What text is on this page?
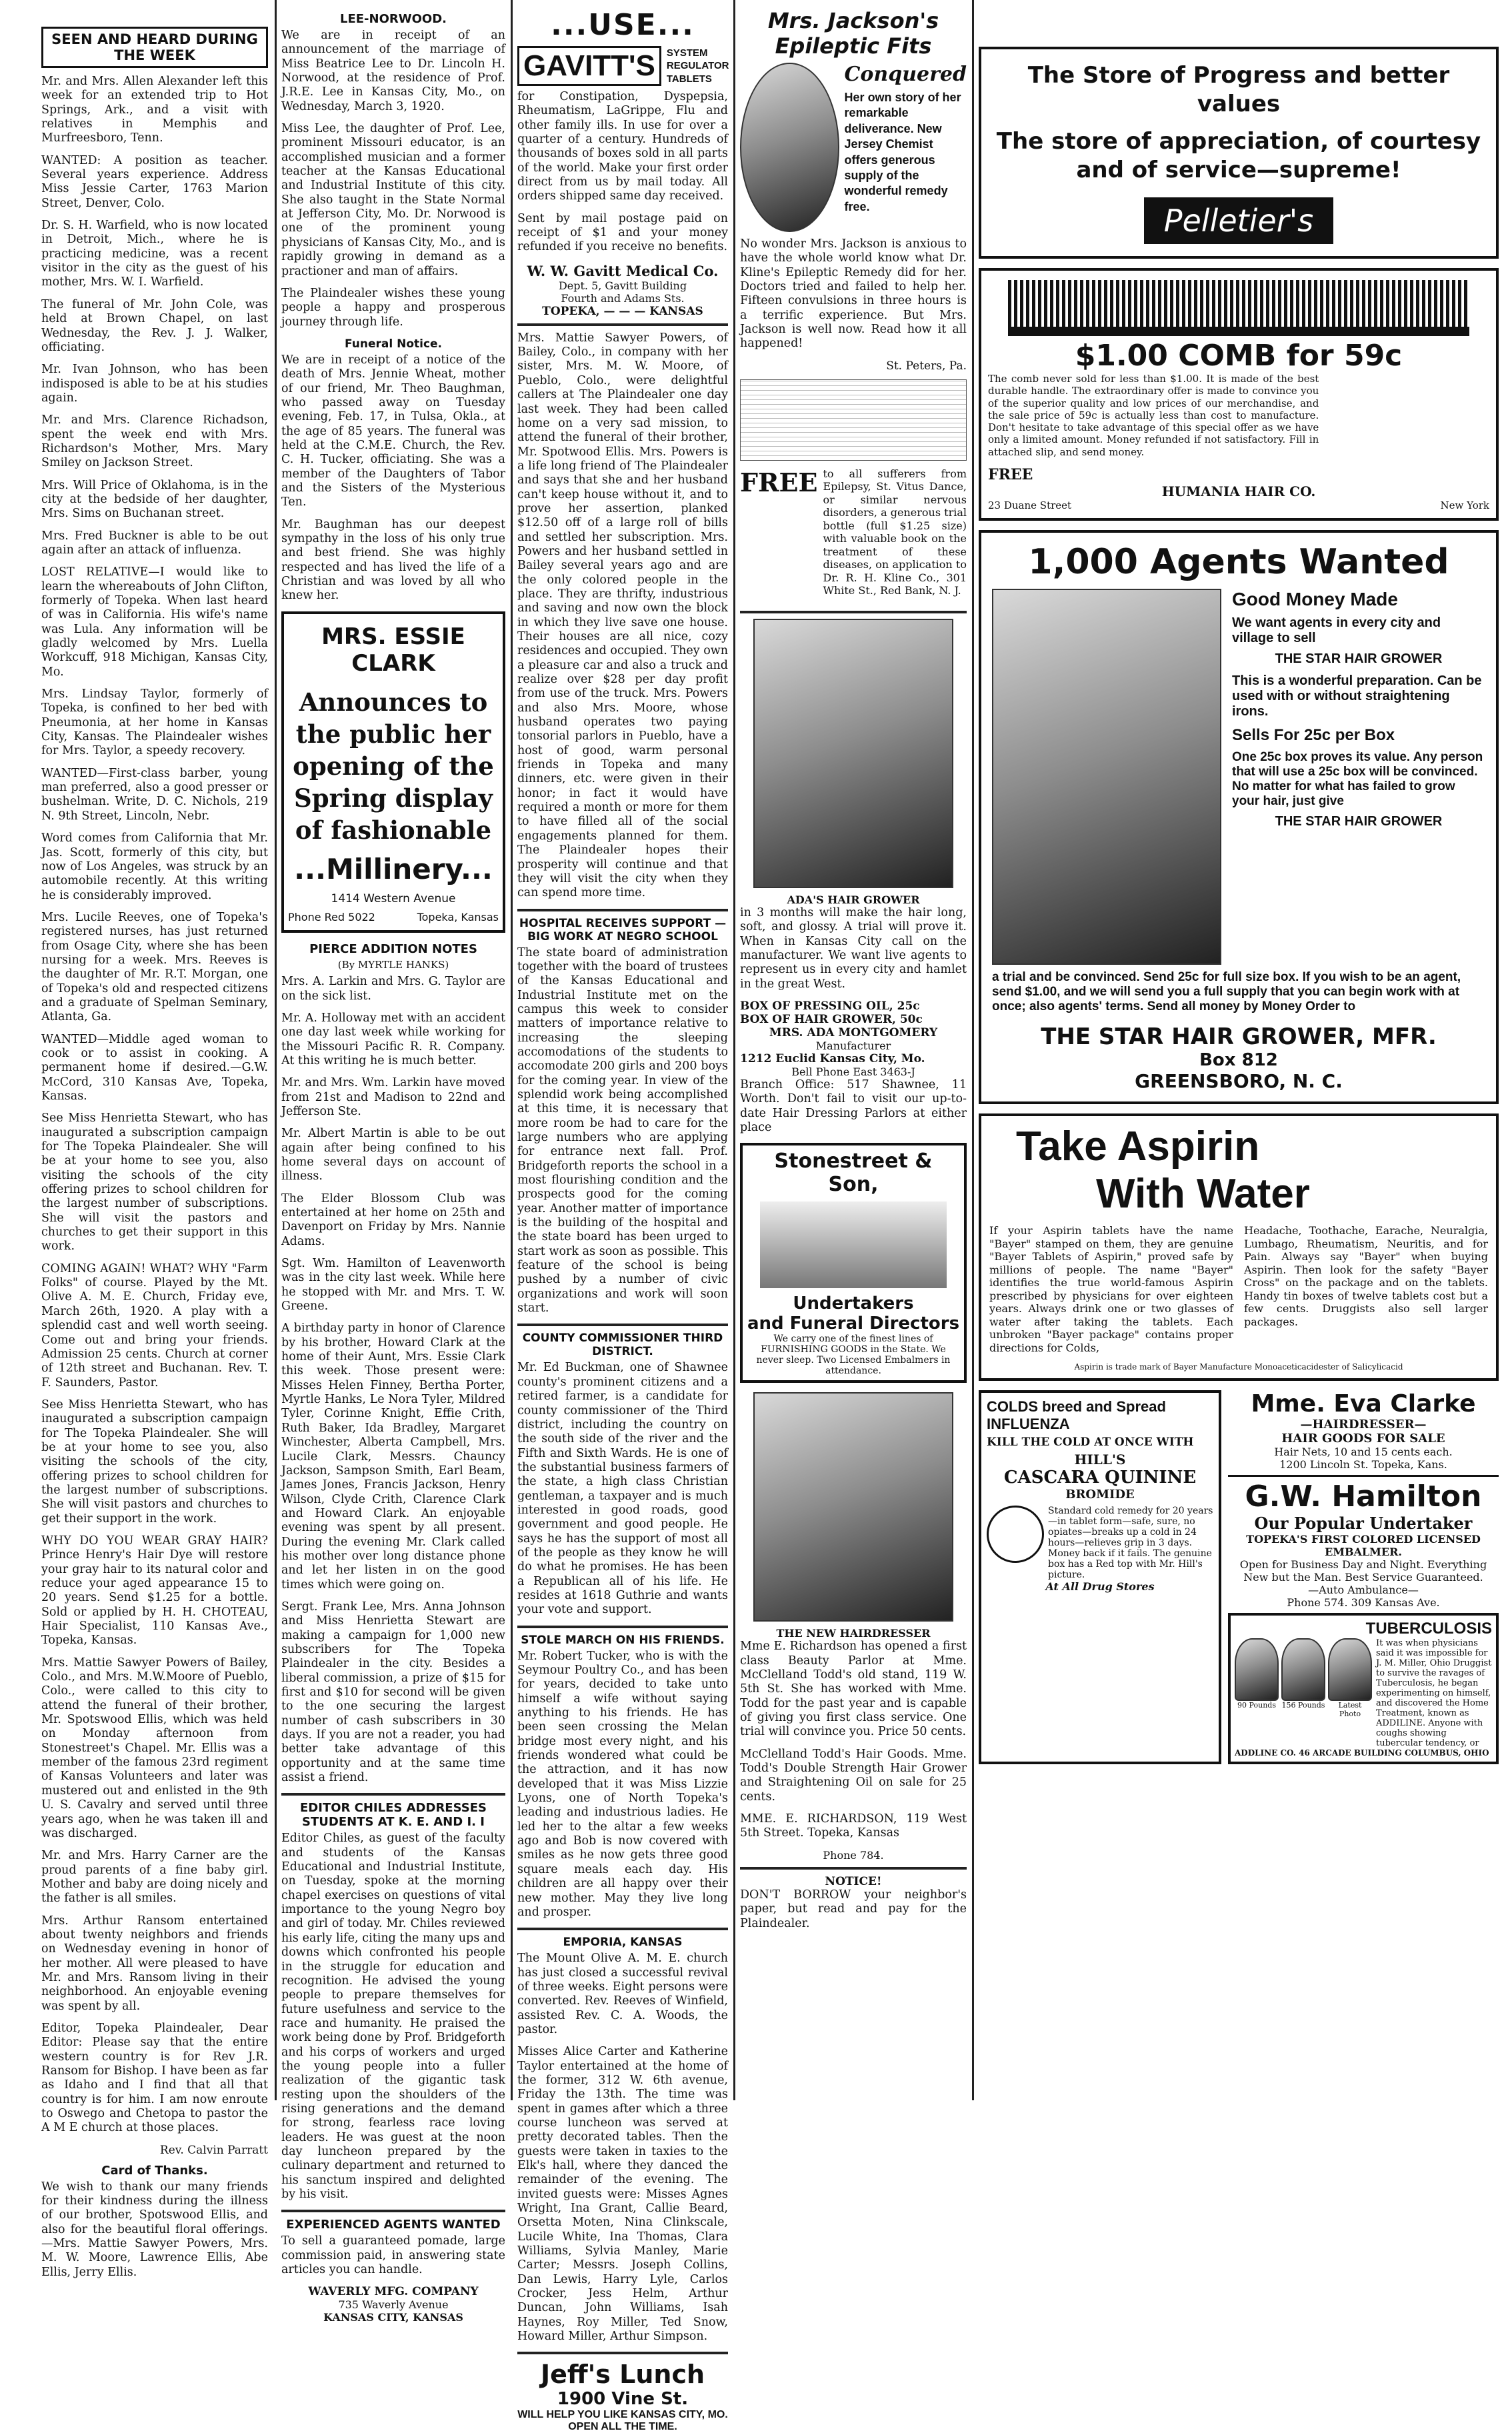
SEEN AND HEARD DURING THE WEEK

Mr. and Mrs. Allen Alexander left this week for an extended trip to Hot Springs, Ark., and a visit with relatives in Memphis and Murfreesboro, Tenn.

WANTED: A position as teacher. Several years experience. Address Miss Jessie Carter, 1763 Marion Street, Denver, Colo.

Dr. S. H. Warfield, who is now located in Detroit, Mich., where he is practicing medicine, was a recent visitor in the city as the guest of his mother, Mrs. W. I. Warfield.

The funeral of Mr. John Cole, was held at Brown Chapel, on last Wednesday, the Rev. J. J. Walker, officiating.

Mr. Ivan Johnson, who has been indisposed is able to be at his studies again.

Mr. and Mrs. Clarence Richadson, spent the week end with Mrs. Richardson's Mother, Mrs. Mary Smiley on Jackson Street.

Mrs. Will Price of Oklahoma, is in the city at the bedside of her daughter, Mrs. Sims on Buchanan street.

Mrs. Fred Buckner is able to be out again after an attack of influenza.

LOST RELATIVE—I would like to learn the whereabouts of John Clifton, formerly of Topeka. When last heard of was in California. His wife's name was Lula. Any information will be gladly welcomed by Mrs. Luella Workcuff, 918 Michigan, Kansas City, Mo.

Mrs. Lindsay Taylor, formerly of Topeka, is confined to her bed with Pneumonia, at her home in Kansas City, Kansas. The Plaindealer wishes for Mrs. Taylor, a speedy recovery.

WANTED—First-class barber, young man preferred, also a good presser or bushelman. Write, D. C. Nichols, 219 N. 9th Street, Lincoln, Nebr.

Word comes from California that Mr. Jas. Scott, formerly of this city, but now of Los Angeles, was struck by an automobile recently. At this writing he is considerably improved.

Mrs. Lucile Reeves, one of Topeka's registered nurses, has just returned from Osage City, where she has been nursing for a week. Mrs. Reeves is the daughter of Mr. R.T. Morgan, one of Topeka's old and respected citizens and a graduate of Spelman Seminary, Atlanta, Ga.

WANTED—Middle aged woman to cook or to assist in cooking. A permanent home if desired.—G.W. McCord, 310 Kansas Ave, Topeka, Kansas.

See Miss Henrietta Stewart, who has inaugurated a subscription campaign for The Topeka Plaindealer. She will be at your home to see you, also visiting the schools of the city offering prizes to school children for the largest number of subscriptions. She will visit the pastors and churches to get their support in this work.

COMING AGAIN! WHAT? WHY "Farm Folks" of course. Played by the Mt. Olive A. M. E. Church, Friday eve, March 26th, 1920. A play with a splendid cast and well worth seeing. Come out and bring your friends. Admission 25 cents. Church at corner of 12th street and Buchanan. Rev. T. F. Saunders, Pastor.

See Miss Henrietta Stewart, who has inaugurated a subscription campaign for The Topeka Plaindealer. She will be at your home to see you, also visiting the schools of the city, offering prizes to school children for the largest number of subscriptions. She will visit pastors and churches to get their support in the work.

WHY DO YOU WEAR GRAY HAIR? Prince Henry's Hair Dye will restore your gray hair to its natural color and reduce your aged appearance 15 to 20 years. Send $1.25 for a bottle. Sold or applied by H. H. CHOTEAU, Hair Specialist, 110 Kansas Ave., Topeka, Kansas.

Mrs. Mattie Sawyer Powers of Bailey, Colo., and Mrs. M.W.Moore of Pueblo, Colo., were called to this city to attend the funeral of their brother, Mr. Spotswood Ellis, which was held on Monday afternoon from Stonestreet's Chapel. Mr. Ellis was a member of the famous 23rd regiment of Kansas Volunteers and later was mustered out and enlisted in the 9th U. S. Cavalry and served until three years ago, when he was taken ill and was discharged.

Mr. and Mrs. Harry Carner are the proud parents of a fine baby girl. Mother and baby are doing nicely and the father is all smiles.

Mrs. Arthur Ransom entertained about twenty neighbors and friends on Wednesday evening in honor of her mother. All were pleased to have Mr. and Mrs. Ransom living in their neighborhood. An enjoyable evening was spent by all.

Editor, Topeka Plaindealer, Dear Editor: Please say that the entire western country is for Rev J.R. Ransom for Bishop. I have been as far as Idaho and I find that all that country is for him. I am now enroute to Oswego and Chetopa to pastor the A M E church at those places.

Rev. Calvin Parratt
Card of Thanks.

We wish to thank our many friends for their kindness during the illness of our brother, Spotswood Ellis, and also for the beautiful floral offerings.—Mrs. Mattie Sawyer Powers, Mrs. M. W. Moore, Lawrence Ellis, Abe Ellis, Jerry Ellis.

LEE-NORWOOD.

We are in receipt of an announcement of the marriage of Miss Beatrice Lee to Dr. Lincoln H. Norwood, at the residence of Prof. J.R.E. Lee in Kansas City, Mo., on Wednesday, March 3, 1920.

Miss Lee, the daughter of Prof. Lee, prominent Missouri educator, is an accomplished musician and a former teacher at the Kansas Educational and Industrial Institute of this city. She also taught in the State Normal at Jefferson City, Mo. Dr. Norwood is one of the prominent young physicians of Kansas City, Mo., and is rapidly growing in demand as a practioner and man of affairs.

The Plaindealer wishes these young people a happy and prosperous journey through life.

Funeral Notice.

We are in receipt of a notice of the death of Mrs. Jennie Wheat, mother of our friend, Mr. Theo Baughman, who passed away on Tuesday evening, Feb. 17, in Tulsa, Okla., at the age of 85 years. The funeral was held at the C.M.E. Church, the Rev. C. H. Tucker, officiating. She was a member of the Daughters of Tabor and the Sisters of the Mysterious Ten.

Mr. Baughman has our deepest sympathy in the loss of his only true and best friend. She was highly respected and has lived the life of a Christian and was loved by all who knew her.

MRS. ESSIE CLARK
Announces to
the public her
opening of the
Spring display
of fashionable
...Millinery...
1414 Western Avenue
Phone Red 5022	Topeka, Kansas
PIERCE ADDITION NOTES
(By MYRTLE HANKS)

Mrs. A. Larkin and Mrs. G. Taylor are on the sick list.

Mr. A. Holloway met with an accident one day last week while working for the Missouri Pacific R. R. Company. At this writing he is much better.

Mr. and Mrs. Wm. Larkin have moved from 21st and Madison to 22nd and Jefferson Ste.

Mr. Albert Martin is able to be out again after being confined to his home several days on account of illness.

The Elder Blossom Club was entertained at her home on 25th and Davenport on Friday by Mrs. Nannie Adams.

Sgt. Wm. Hamilton of Leavenworth was in the city last week. While here he stopped with Mr. and Mrs. T. W. Greene.

A birthday party in honor of Clarence by his brother, Howard Clark at the home of their Aunt, Mrs. Essie Clark this week. Those present were: Misses Helen Finney, Bertha Porter, Myrtle Hanks, Le Nora Tyler, Mildred Tyler, Corinne Knight, Effie Crith, Ruth Baker, Ida Bradley, Margaret Winchester, Alberta Campbell, Mrs. Lucile Clark, Messrs. Chauncy Jackson, Sampson Smith, Earl Beam, James Jones, Francis Jackson, Henry Wilson, Clyde Crith, Clarence Clark and Howard Clark. An enjoyable evening was spent by all present. During the evening Mr. Clark called his mother over long distance phone and let her listen in on the good times which were going on.

Sergt. Frank Lee, Mrs. Anna Johnson and Miss Henrietta Stewart are making a campaign for 1,000 new subscribers for The Topeka Plaindealer in the city. Besides a liberal commission, a prize of $15 for first and $10 for second will be given to the one securing the largest number of cash subscribers in 30 days. If you are not a reader, you had better take advantage of this opportunity and at the same time assist a friend.

EDITOR CHILES ADDRESSES STUDENTS AT K. E. AND I. I

Editor Chiles, as guest of the faculty and students of the Kansas Educational and Industrial Institute, on Tuesday, spoke at the morning chapel exercises on questions of vital importance to the young Negro boy and girl of today. Mr. Chiles reviewed his early life, citing the many ups and downs which confronted his people in the struggle for education and recognition. He advised the young people to prepare themselves for future usefulness and service to the race and humanity. He praised the work being done by Prof. Bridgeforth and his corps of workers and urged the young people into a fuller realization of the gigantic task resting upon the shoulders of the rising generations and the demand for strong, fearless race loving leaders. He was guest at the noon day luncheon prepared by the culinary department and returned to his sanctum inspired and delighted by his visit.

EXPERIENCED AGENTS WANTED

To sell a guaranteed pomade, large commission paid, in answering state articles you can handle.

WAVERLY MFG. COMPANY
735 Waverly Avenue
KANSAS CITY, KANSAS
...USE...
GAVITT'S	SYSTEM REGULATOR TABLETS

for Constipation, Dyspepsia, Rheumatism, LaGrippe, Flu and other family ills. In use for over a quarter of a century. Hundreds of thousands of boxes sold in all parts of the world. Make your first order direct from us by mail today. All orders shipped same day received.

Sent by mail postage paid on receipt of $1 and your money refunded if you receive no benefits.

W. W. Gavitt Medical Co.
Dept. 5, Gavitt Building
Fourth and Adams Sts.
TOPEKA, — — — KANSAS

Mrs. Mattie Sawyer Powers, of Bailey, Colo., in company with her sister, Mrs. M. W. Moore, of Pueblo, Colo., were delightful callers at The Plaindealer one day last week. They had been called home on a very sad mission, to attend the funeral of their brother, Mr. Spotwood Ellis. Mrs. Powers is a life long friend of The Plaindealer and says that she and her husband can't keep house without it, and to prove her assertion, planked $12.50 off of a large roll of bills and settled her subscription. Mrs. Powers and her husband settled in Bailey several years ago and are the only colored people in the place. They are thrifty, industrious and saving and now own the block in which they live save one house. Their houses are all nice, cozy residences and occupied. They own a pleasure car and also a truck and realize over $28 per day profit from use of the truck. Mrs. Powers and also Mrs. Moore, whose husband operates two paying tonsorial parlors in Pueblo, have a host of good, warm personal friends in Topeka and many dinners, etc. were given in their honor; in fact it would have required a month or more for them to have filled all of the social engagements planned for them. The Plaindealer hopes their prosperity will continue and that they will visit the city when they can spend more time.

HOSPITAL RECEIVES SUPPORT —BIG WORK AT NEGRO SCHOOL

The state board of administration together with the board of trustees of the Kansas Educational and Industrial Institute met on the campus this week to consider matters of importance relative to increasing the sleeping accomodations of the students to accomodate 200 girls and 200 boys for the coming year. In view of the splendid work being accomplished at this time, it is necessary that more room be had to care for the large numbers who are applying for entrance next fall. Prof. Bridgeforth reports the school in a most flourishing condition and the prospects good for the coming year. Another matter of importance is the building of the hospital and the state board has been urged to start work as soon as possible. This feature of the school is being pushed by a number of civic organizations and work will soon start.

COUNTY COMMISSIONER THIRD DISTRICT.

Mr. Ed Buckman, one of Shawnee county's prominent citizens and a retired farmer, is a candidate for county commissioner of the Third district, including the country on the south side of the river and the Fifth and Sixth Wards. He is one of the substantial business farmers of the state, a high class Christian gentleman, a taxpayer and is much interested in good roads, good government and good people. He says he has the support of most all of the people as they know he will do what he promises. He has been a Republican all of his life. He resides at 1618 Guthrie and wants your vote and support.

STOLE MARCH ON HIS FRIENDS.

Mr. Robert Tucker, who is with the Seymour Poultry Co., and has been for years, decided to take unto himself a wife without saying anything to his friends. He has been seen crossing the Melan bridge most every night, and his friends wondered what could be the attraction, and it has now developed that it was Miss Lizzie Lyons, one of North Topeka's leading and industrious ladies. He led her to the altar a few weeks ago and Bob is now covered with smiles as he now gets three good square meals each day. His children are all happy over their new mother. May they live long and prosper.

EMPORIA, KANSAS

The Mount Olive A. M. E. church has just closed a successful revival of three weeks. Eight persons were converted. Rev. Reeves of Winfield, assisted Rev. C. A. Woods, the pastor.

Misses Alice Carter and Katherine Taylor entertained at the home of the former, 312 W. 6th avenue, Friday the 13th. The time was spent in games after which a three course luncheon was served at pretty decorated tables. Then the guests were taken in taxies to the Elk's hall, where they danced the remainder of the evening. The invited guests were: Misses Agnes Wright, Ina Grant, Callie Beard, Orsetta Moten, Nina Clinkscale, Lucile White, Ina Thomas, Clara Williams, Sylvia Manley, Marie Carter; Messrs. Joseph Collins, Dan Lewis, Harry Lyle, Carlos Crocker, Jess Helm, Arthur Duncan, John Williams, Isah Haynes, Roy Miller, Ted Snow, Howard Miller, Arthur Simpson.

Jeff's Lunch
1900 Vine St.
WILL HELP YOU LIKE KANSAS CITY, MO. OPEN ALL THE TIME.
Mrs. Jackson's
Epileptic Fits
Conquered
Her own story of her remarkable deliverance. New Jersey Chemist offers generous supply of the wonderful remedy free.

No wonder Mrs. Jackson is anxious to have the whole world know what Dr. Kline's Epileptic Remedy did for her. Doctors tried and failed to help her. Fifteen convulsions in three hours is a terrific experience. But Mrs. Jackson is well now. Read how it all happened!

St. Peters, Pa.
FREE to all sufferers from Epilepsy, St. Vitus Dance, or similar nervous disorders, a generous trial bottle (full $1.25 size) with valuable book on the treatment of these diseases, on application to Dr. R. H. Kline Co., 301 White St., Red Bank, N. J.

ADA'S HAIR GROWER

in 3 months will make the hair long, soft, and glossy. A trial will prove it. When in Kansas City call on the manufacturer. We want live agents to represent us in every city and hamlet in the great West.

BOX OF PRESSING OIL, 25c
BOX OF HAIR GROWER, 50c
MRS. ADA MONTGOMERY
Manufacturer
1212 Euclid Kansas City, Mo.
Bell Phone East 3463-J

Branch Office: 517 Shawnee, 11 Worth. Don't fail to visit our up-to-date Hair Dressing Parlors at either place

Stonestreet & Son,
Undertakers
and Funeral Directors
We carry one of the finest lines of FURNISHING GOODS in the State. We never sleep. Two Licensed Embalmers in attendance.
THE NEW HAIRDRESSER

Mme E. Richardson has opened a first class Beauty Parlor at Mme. McClelland Todd's old stand, 119 W. 5th St. She has worked with Mme. Todd for the past year and is capable of giving you first class service. One trial will convince you. Price 50 cents.

McClelland Todd's Hair Goods. Mme. Todd's Double Strength Hair Grower and Straightening Oil on sale for 25 cents.

MME. E. RICHARDSON, 119 West 5th Street. Topeka, Kansas

Phone 784.
NOTICE!

DON'T BORROW your neighbor's paper, but read and pay for the Plaindealer.

The Store of Progress and better values
The store of appreciation, of courtesy and of service—supreme!
Pelletier's
$1.00 COMB for 59c

The comb never sold for less than $1.00. It is made of the best durable handle. The extraordinary offer is made to convince you of the superior quality and low prices of our merchandise, and the sale price of 59c is actually less than cost to manufacture. Don't hesitate to take advantage of this special offer as we have only a limited amount. Money refunded if not satisfactory. Fill in attached slip, and send money.

FREE
HUMANIA HAIR CO.
23 Duane Street	New York
1,000 Agents Wanted
Good Money Made
We want agents in every city and village to sell
THE STAR HAIR GROWER
This is a wonderful preparation. Can be used with or without straightening irons.
Sells For 25c per Box
One 25c box proves its value. Any person that will use a 25c box will be convinced. No matter for what has failed to grow your hair, just give
THE STAR HAIR GROWER
a trial and be convinced. Send 25c for full size box. If you wish to be an agent, send $1.00, and we will send you a full supply that you can begin work with at once; also agents' terms. Send all money by Money Order to
THE STAR HAIR GROWER, MFR.
Box 812
GREENSBORO, N. C.
Take Aspirin
With Water

If your Aspirin tablets have the name "Bayer" stamped on them, they are genuine "Bayer Tablets of Aspirin," proved safe by millions of people. The name "Bayer" identifies the true world-famous Aspirin prescribed by physicians for over eighteen years. Always drink one or two glasses of water after taking the tablets. Each unbroken "Bayer package" contains proper directions for Colds,

Headache, Toothache, Earache, Neuralgia, Lumbago, Rheumatism, Neuritis, and for Pain. Always say "Bayer" when buying Aspirin. Then look for the safety "Bayer Cross" on the package and on the tablets. Handy tin boxes of twelve tablets cost but a few cents. Druggists also sell larger packages.

Aspirin is trade mark of Bayer Manufacture Monoaceticacidester of Salicylicacid
COLDS breed and Spread INFLUENZA
KILL THE COLD AT ONCE WITH
HILL'S
CASCARA QUININE
BROMIDE
Standard cold remedy for 20 years—in tablet form—safe, sure, no opiates—breaks up a cold in 24 hours—relieves grip in 3 days. Money back if it fails. The genuine box has a Red top with Mr. Hill's picture.
At All Drug Stores
Mme. Eva Clarke
—HAIRDRESSER—
HAIR GOODS FOR SALE
Hair Nets, 10 and 15 cents each.
1200 Lincoln St. Topeka, Kans.
G.W. Hamilton
Our Popular Undertaker
TOPEKA'S FIRST COLORED LICENSED EMBALMER.
Open for Business Day and Night. Everything New but the Man. Best Service Guaranteed.
—Auto Ambulance—
Phone 574. 309 Kansas Ave.
TUBERCULOSIS
90 Pounds 156 Pounds	Latest Photo
It was when physicians said it was impossible for J. M. Miller, Ohio Druggist to survive the ravages of Tuberculosis, he began experimenting on himself, and discovered the Home Treatment, known as ADDILINE. Anyone with coughs showing tubercular tendency, or
ADDLINE CO. 46 ARCADE BUILDING COLUMBUS, OHIO
